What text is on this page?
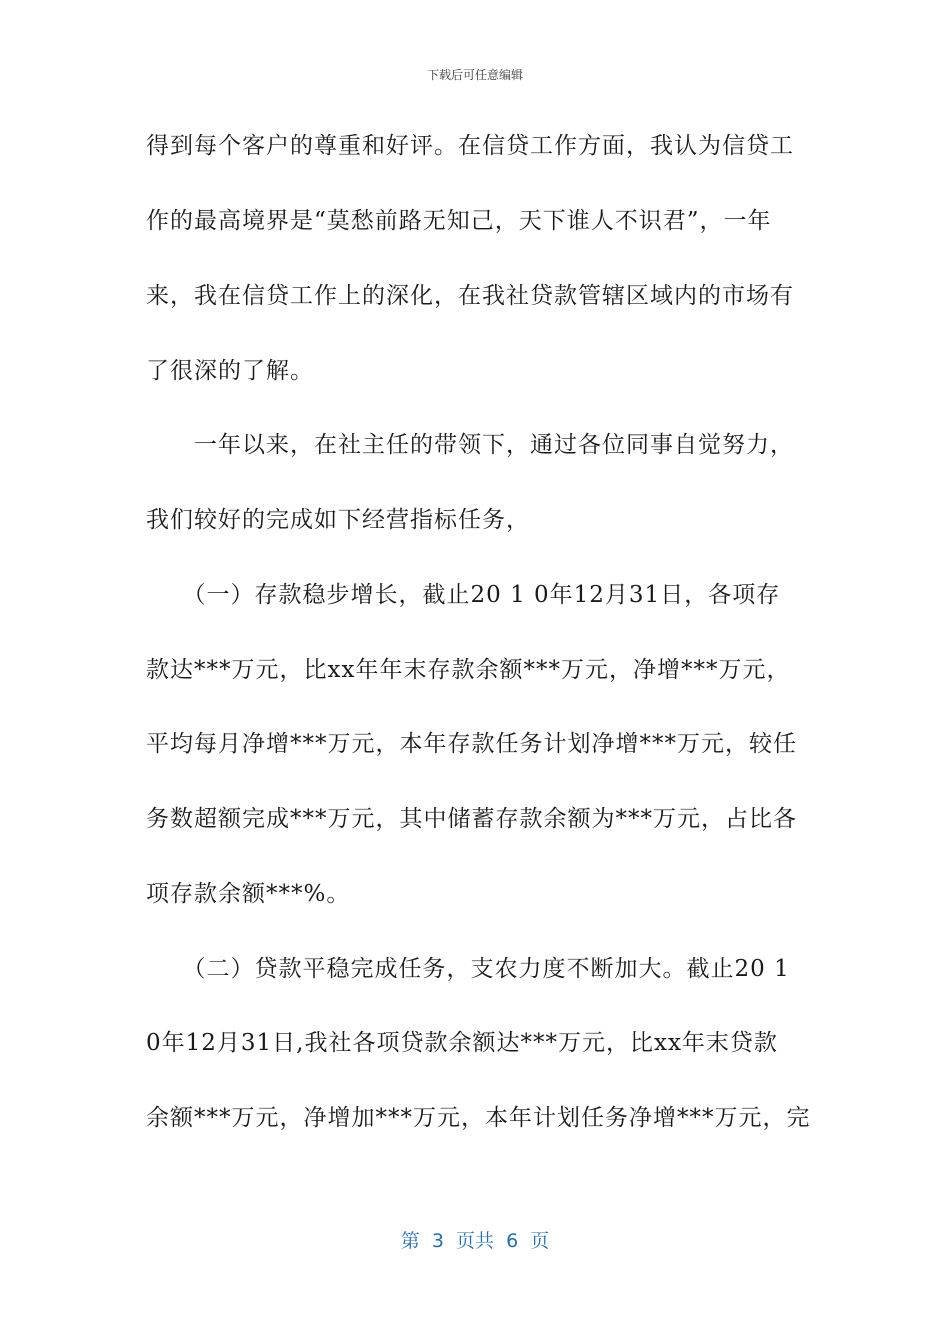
下载后可任意编辑
得到每个客户的尊重和好评。在信贷工作方面，我认为信贷工
作的最高境界是“莫愁前路无知己，天下谁人不识君”，一年
来，我在信贷工作上的深化，在我社贷款管辖区域内的市场有
了很深的了解。
　　一年以来，在社主任的带领下，通过各位同事自觉努力，
我们较好的完成如下经营指标任务，
　　（一）存款稳步增长，截止20 1 0年12月31日，各项存
款达***万元，比xx年年末存款余额***万元，净增***万元，
平均每月净增***万元，本年存款任务计划净增***万元，较任
务数超额完成***万元，其中储蓄存款余额为***万元，占比各
项存款余额***%。
　　（二）贷款平稳完成任务，支农力度不断加大。截止20 1
0年12月31日,我社各项贷款余额达***万元，比xx年末贷款
余额***万元，净增加***万元，本年计划任务净增***万元，完
第  3  页共  6  页
